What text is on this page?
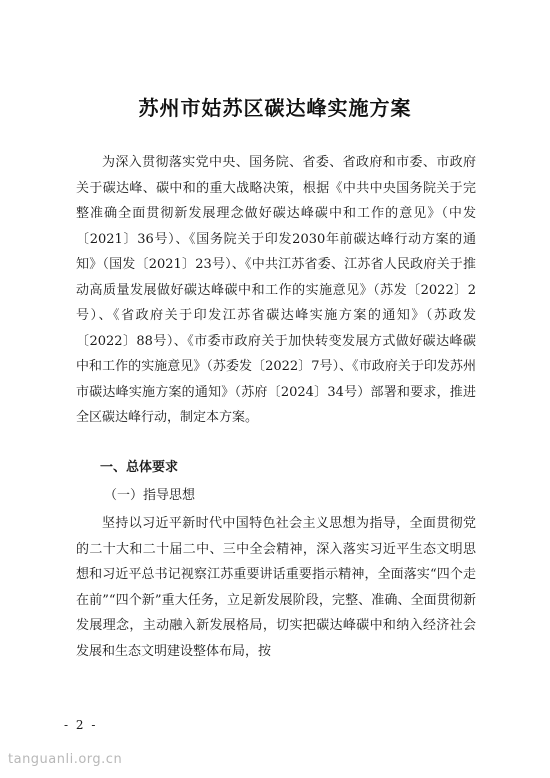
苏州市姑苏区碳达峰实施方案

为深入贯彻落实党中央、国务院、省委、省政府和市委、市政府关于碳达峰、碳中和的重大战略决策，根据《中共中央国务院关于完整准确全面贯彻新发展理念做好碳达峰碳中和工作的意见》（中发〔2021〕36号）、《国务院关于印发2030年前碳达峰行动方案的通知》（国发〔2021〕23号）、《中共江苏省委、江苏省人民政府关于推动高质量发展做好碳达峰碳中和工作的实施意见》（苏发〔2022〕2号）、《省政府关于印发江苏省碳达峰实施方案的通知》（苏政发〔2022〕88号）、《市委市政府关于加快转变发展方式做好碳达峰碳中和工作的实施意见》（苏委发〔2022〕7号）、《市政府关于印发苏州市碳达峰实施方案的通知》（苏府〔2024〕34号）部署和要求，推进全区碳达峰行动，制定本方案。

一、总体要求
（一）指导思想

坚持以习近平新时代中国特色社会主义思想为指导，全面贯彻党的二十大和二十届二中、三中全会精神，深入落实习近平生态文明思想和习近平总书记视察江苏重要讲话重要指示精神，全面落实“四个走在前”“四个新”重大任务，立足新发展阶段，完整、准确、全面贯彻新发展理念，主动融入新发展格局，切实把碳达峰碳中和纳入经济社会发展和生态文明建设整体布局，按

- 2 -
tanguanli.org.cn
